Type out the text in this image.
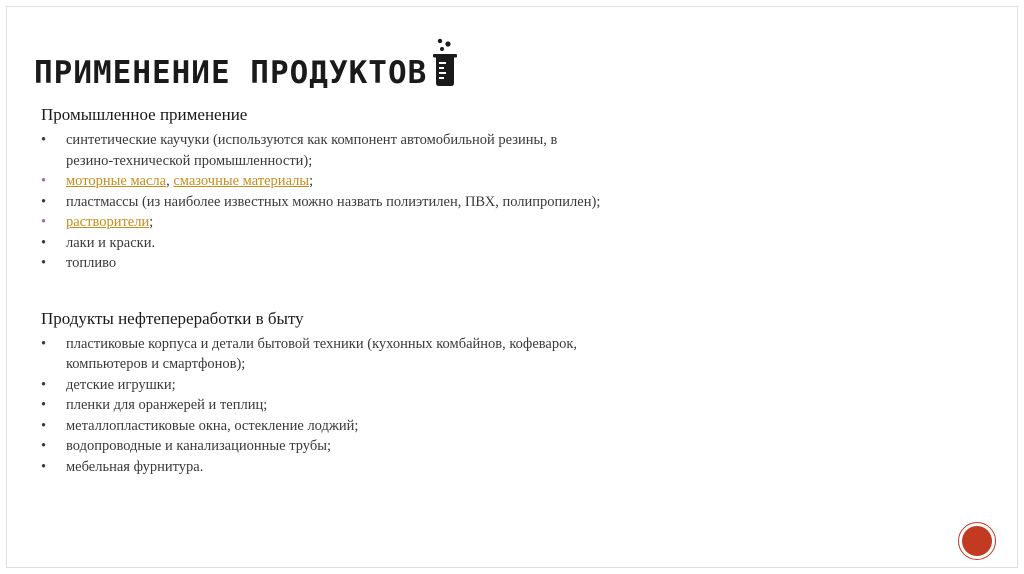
ПРИМЕНЕНИЕ ПРОДУКТОВ
Промышленное применение
• синтетические каучуки (используются как компонент автомобильной резины, в резино-технической промышленности);
• моторные масла, смазочные материалы;
• пластмассы (из наиболее известных можно назвать полиэтилен, ПВХ, полипропилен);
• растворители;
• лаки и краски.
• топливо
Продукты нефтепереработки в быту
• пластиковые корпуса и детали бытовой техники (кухонных комбайнов, кофеварок, компьютеров и смартфонов);
• детские игрушки;
• пленки для оранжерей и теплиц;
• металлопластиковые окна, остекление лоджий;
• водопроводные и канализационные трубы;
• мебельная фурнитура.
